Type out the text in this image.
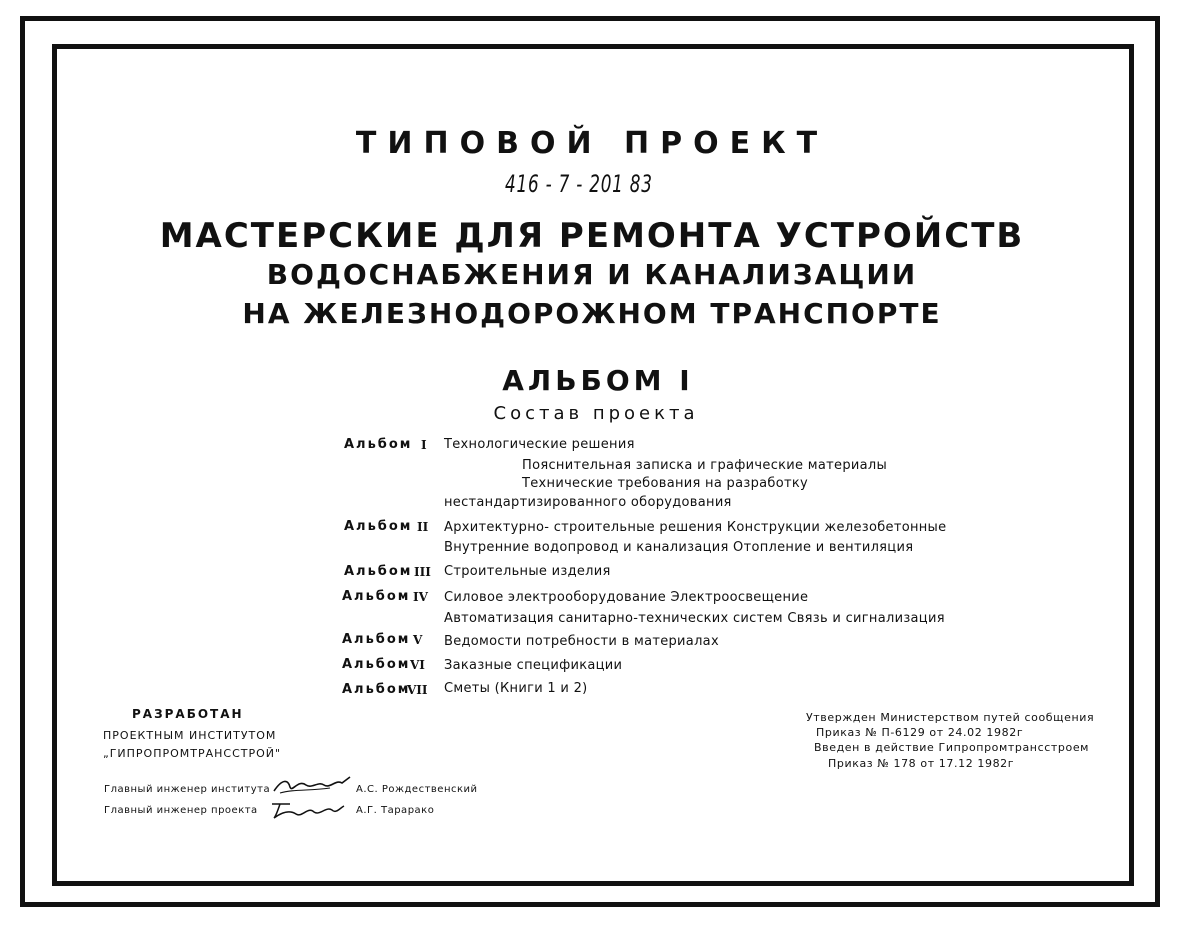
ТИПОВОЙ ПРОЕКТ
416 - 7 - 201 83
МАСТЕРСКИЕ ДЛЯ РЕМОНТА УСТРОЙСТВ
ВОДОСНАБЖЕНИЯ И КАНАЛИЗАЦИИ
НА ЖЕЛЕЗНОДОРОЖНОМ ТРАНСПОРТЕ
АЛЬБОМ I
Состав проекта
Альбом I Технологические решения
Пояснительная записка и графические материалы
Технические требования на разработку
нестандартизированного оборудования
Альбом II Архитектурно- строительные решения Конструкции железобетонные
Внутренние водопровод и канализация Отопление и вентиляция
Альбом III Строительные изделия
Альбом IV Силовое электрооборудование Электроосвещение
Автоматизация санитарно-технических систем Связь и сигнализация
Альбом V Ведомости потребности в материалах
Альбом VI Заказные спецификации
Альбом
VII Сметы (Книги 1 и 2)
РАЗРАБОТАН
ПРОЕКТНЫМ ИНСТИТУТОМ
„ГИПРОПРОМТРАНССТРОЙ"
Главный инженер института	А.С. Рождественский
Главный инженер проекта	А.Г. Тарарако
Утвержден Министерством путей сообщения
Приказ № П-6129 от 24.02 1982г
Введен в действие Гипропромтрансстроем
Приказ № 178 от 17.12 1982г
